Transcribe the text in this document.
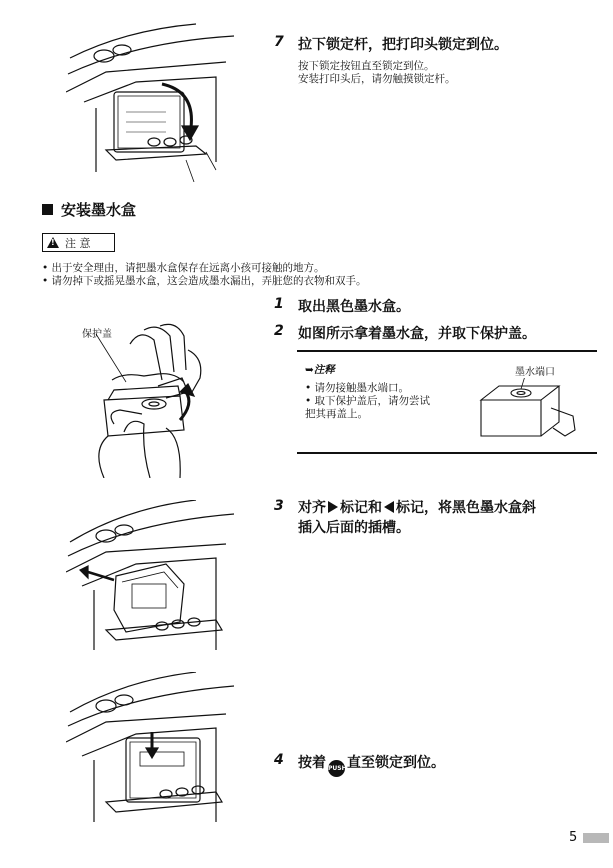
7 拉下锁定杆，把打印头锁定到位。
按下锁定按钮直至锁定到位。
安装打印头后，请勿触摸锁定杆。
安装墨水盒
!
注 意
• 出于安全理由，请把墨水盒保存在远离小孩可接触的地方。
• 请勿掉下或摇晃墨水盒，这会造成墨水漏出，弄脏您的衣物和双手。
1 取出黑色墨水盒。
2 如图所示拿着墨水盒，并取下保护盖。
保护盖
➥注释
• 请勿接触墨水端口。
• 取下保护盖后，请勿尝试
把其再盖上。
墨水端口
3 对齐 标记和 标记，将黑色墨水盒斜
插入后面的插槽。
4 按着 PUSH直至锁定到位。
5
